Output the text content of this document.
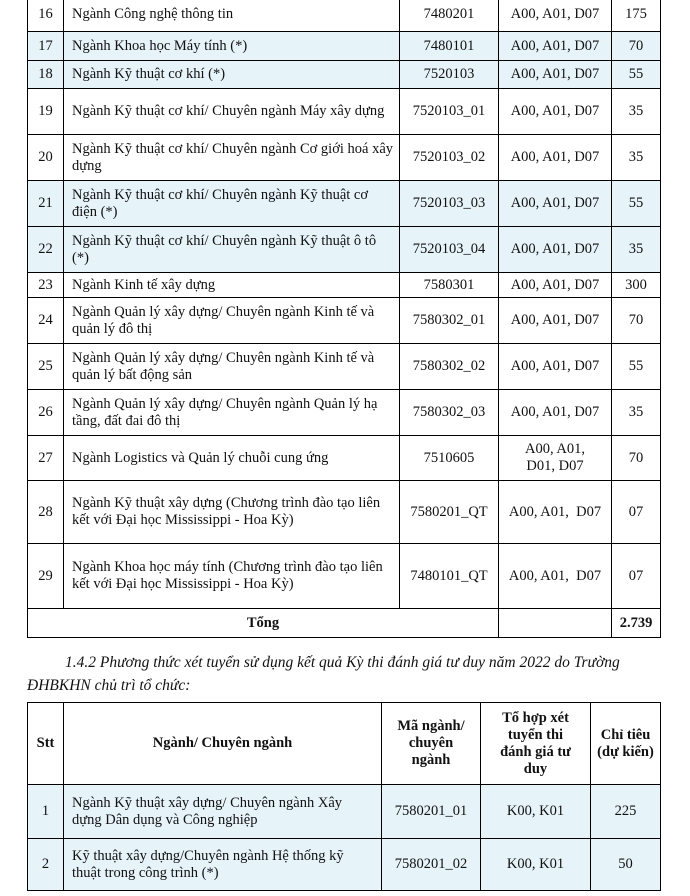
16	Ngành Công nghệ thông tin	7480201	A00, A01, D07	175
17	Ngành Khoa học Máy tính (*)	7480101	A00, A01, D07	70
18	Ngành Kỹ thuật cơ khí (*)	7520103	A00, A01, D07	55
19	Ngành Kỹ thuật cơ khí/ Chuyên ngành Máy xây dựng	7520103_01	A00, A01, D07	35
20	Ngành Kỹ thuật cơ khí/ Chuyên ngành Cơ giới hoá xây dựng	7520103_02	A00, A01, D07	35
21	Ngành Kỹ thuật cơ khí/ Chuyên ngành Kỹ thuật cơ điện (*)	7520103_03	A00, A01, D07	55
22	Ngành Kỹ thuật cơ khí/ Chuyên ngành Kỹ thuật ô tô (*)	7520103_04	A00, A01, D07	35
23	Ngành Kinh tế xây dựng	7580301	A00, A01, D07	300
24	Ngành Quản lý xây dựng/ Chuyên ngành Kinh tế và quản lý đô thị	7580302_01	A00, A01, D07	70
25	Ngành Quản lý xây dựng/ Chuyên ngành Kinh tế và quản lý bất động sản	7580302_02	A00, A01, D07	55
26	Ngành Quản lý xây dựng/ Chuyên ngành Quản lý hạ tầng, đất đai đô thị	7580302_03	A00, A01, D07	35
27	Ngành Logistics và Quản lý chuỗi cung ứng	7510605	A00, A01, D01, D07	70
28	Ngành Kỹ thuật xây dựng (Chương trình đào tạo liên kết với Đại học Mississippi - Hoa Kỳ)	7580201_QT	A00, A01,  D07	07
29	Ngành Khoa học máy tính (Chương trình đào tạo liên kết với Đại học Mississippi - Hoa Kỳ)	7480101_QT	A00, A01,  D07	07
Tổng				2.739
1.4.2 Phương thức xét tuyển sử dụng kết quả Kỳ thi đánh giá tư duy năm 2022 do Trường ĐHBKHN chủ trì tổ chức:
Stt	Ngành/ Chuyên ngành	Mã ngành/ chuyên ngành	Tổ hợp xét tuyển thi đánh giá tư duy	Chỉ tiêu (dự kiến)
1	Ngành Kỹ thuật xây dựng/ Chuyên ngành Xây dựng Dân dụng và Công nghiệp	7580201_01	K00, K01	225
2	Kỹ thuật xây dựng/Chuyên ngành Hệ thống kỹ thuật trong công trình (*)	7580201_02	K00, K01	50
